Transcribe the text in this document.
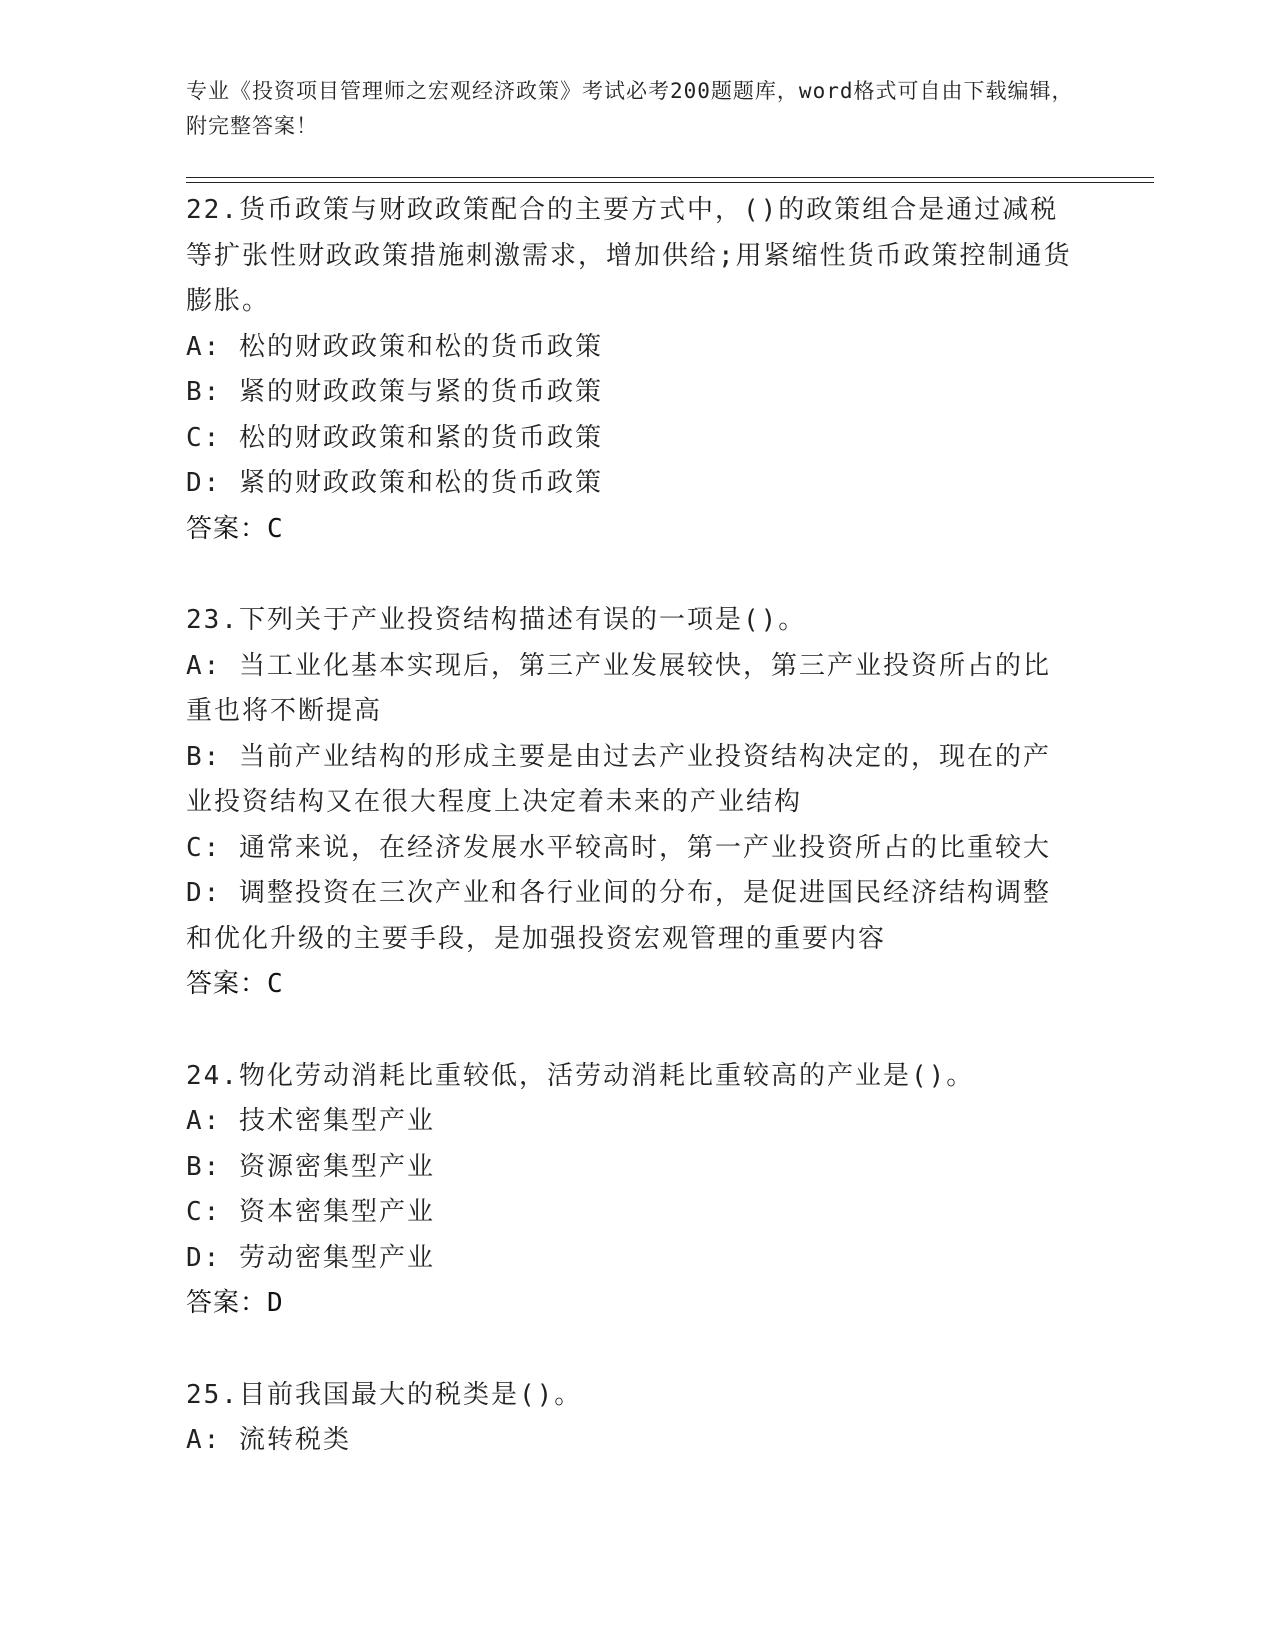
专业《投资项目管理师之宏观经济政策》考试必考200题题库，word格式可自由下载编辑，附完整答案！
22.货币政策与财政政策配合的主要方式中，()的政策组合是通过减税等扩张性财政政策措施刺激需求，增加供给;用紧缩性货币政策控制通货膨胀。
A: 松的财政政策和松的货币政策
B: 紧的财政政策与紧的货币政策
C: 松的财政政策和紧的货币政策
D: 紧的财政政策和松的货币政策
答案：C
23.下列关于产业投资结构描述有误的一项是()。
A: 当工业化基本实现后，第三产业发展较快，第三产业投资所占的比重也将不断提高
B: 当前产业结构的形成主要是由过去产业投资结构决定的，现在的产业投资结构又在很大程度上决定着未来的产业结构
C: 通常来说，在经济发展水平较高时，第一产业投资所占的比重较大
D: 调整投资在三次产业和各行业间的分布，是促进国民经济结构调整和优化升级的主要手段，是加强投资宏观管理的重要内容
答案：C
24.物化劳动消耗比重较低，活劳动消耗比重较高的产业是()。
A: 技术密集型产业
B: 资源密集型产业
C: 资本密集型产业
D: 劳动密集型产业
答案：D
25.目前我国最大的税类是()。
A: 流转税类
